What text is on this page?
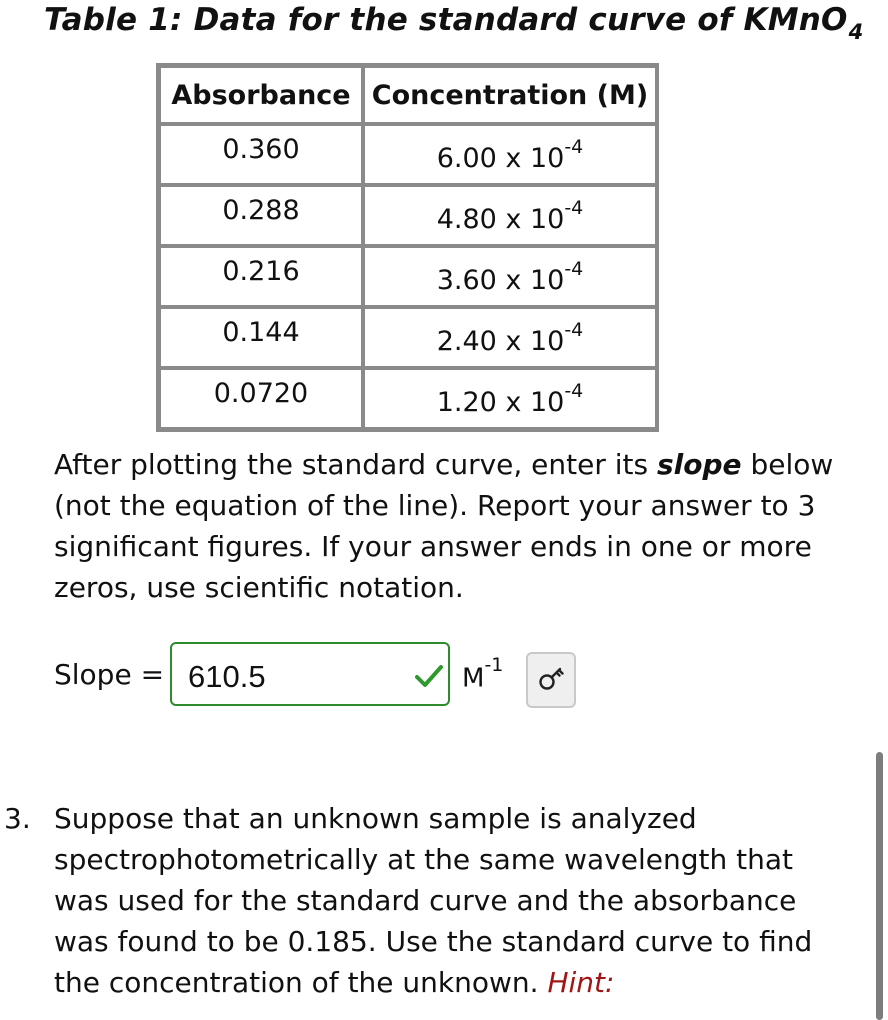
Table 1: Data for the standard curve of KMnO$_4$
Absorbance	Concentration (M)
0.360	6.00 x $10^{-4}$
0.288	4.80 x $10^{-4}$
0.216	3.60 x $10^{-4}$
0.144	2.40 x $10^{-4}$
0.0720	1.20 x $10^{-4}$
After plotting the standard curve, enter its slope below (not the equation of the line). Report your answer to 3 significant figures. If your answer ends in one or more zeros, use scientific notation.
Slope = 610.5	$M^{-1}$
3. Suppose that an unknown sample is analyzed spectrophotometrically at the same wavelength that was used for the standard curve and the absorbance was found to be 0.185. Use the standard curve to find the concentration of the unknown. Hint:
